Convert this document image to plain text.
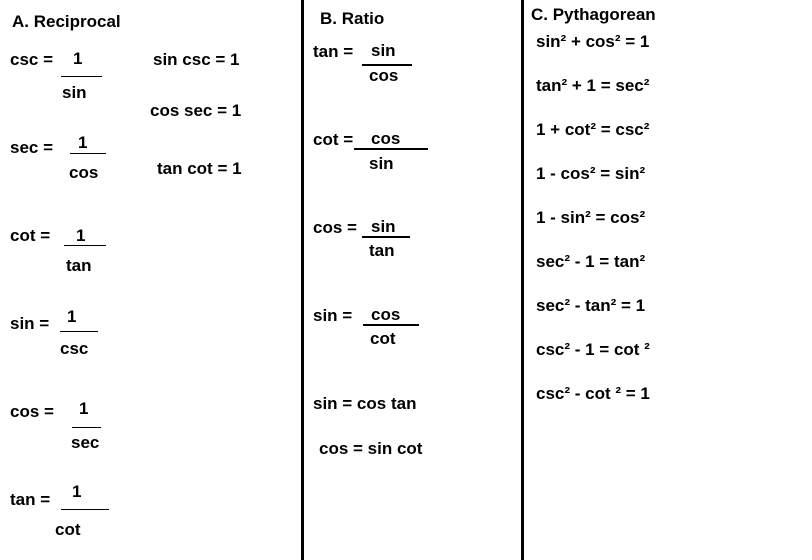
A. Reciprocal
csc = 1
sin
sec = 1
cos
cot = 1
tan
sin = 1
csc
cos = 1
sec
tan = 1
cot
sin csc = 1
cos sec = 1
tan cot = 1
B. Ratio
tan = sin
cos
cot = cos
sin
cos = sin
tan
sin = cos
cot
sin = cos tan
cos = sin cot
C. Pythagorean
sin² + cos² = 1
tan² + 1 = sec²
1 + cot² = csc²
1 - cos² = sin²
1 - sin² = cos²
sec² - 1 = tan²
sec² - tan² = 1
csc² - 1 = cot ²
csc² - cot ² = 1
